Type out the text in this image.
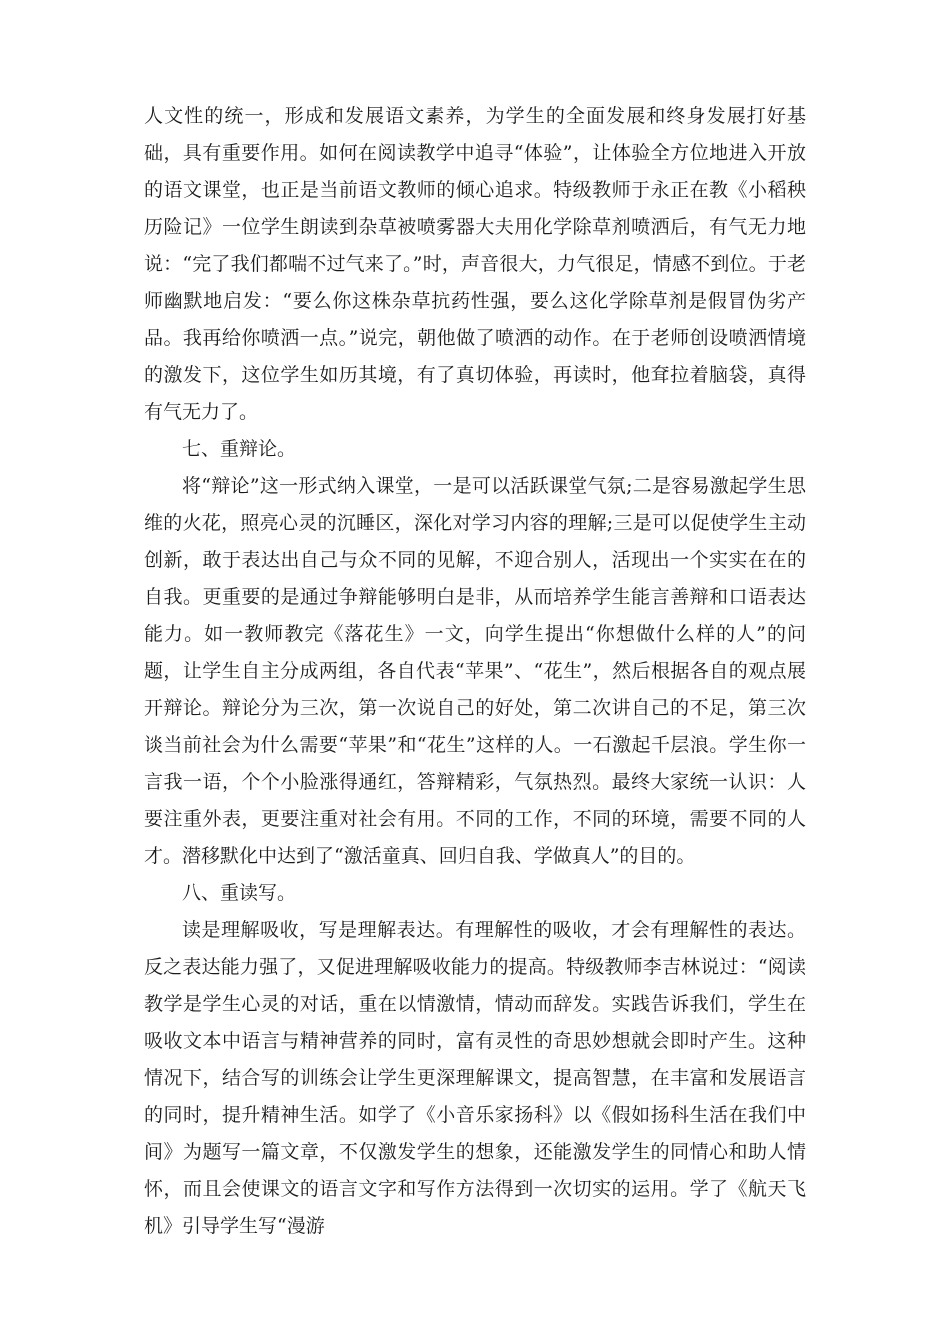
人文性的统一，形成和发展语文素养，为学生的全面发展和终身发展打好基础，具有重要作用。如何在阅读教学中追寻“体验”，让体验全方位地进入开放的语文课堂，也正是当前语文教师的倾心追求。特级教师于永正在教《小稻秧历险记》一位学生朗读到杂草被喷雾器大夫用化学除草剂喷洒后，有气无力地说：“完了我们都喘不过气来了。”时，声音很大，力气很足，情感不到位。于老师幽默地启发：“要么你这株杂草抗药性强，要么这化学除草剂是假冒伪劣产品。我再给你喷洒一点。”说完，朝他做了喷洒的动作。在于老师创设喷洒情境的激发下，这位学生如历其境，有了真切体验，再读时，他耷拉着脑袋，真得有气无力了。

七、重辩论。

将“辩论”这一形式纳入课堂，一是可以活跃课堂气氛;二是容易激起学生思维的火花，照亮心灵的沉睡区，深化对学习内容的理解;三是可以促使学生主动创新，敢于表达出自己与众不同的见解，不迎合别人，活现出一个实实在在的自我。更重要的是通过争辩能够明白是非，从而培养学生能言善辩和口语表达能力。如一教师教完《落花生》一文，向学生提出“你想做什么样的人”的问题，让学生自主分成两组，各自代表“苹果”、“花生”，然后根据各自的观点展开辩论。辩论分为三次，第一次说自己的好处，第二次讲自己的不足，第三次谈当前社会为什么需要“苹果”和“花生”这样的人。一石激起千层浪。学生你一言我一语，个个小脸涨得通红，答辩精彩，气氛热烈。最终大家统一认识：人要注重外表，更要注重对社会有用。不同的工作，不同的环境，需要不同的人才。潜移默化中达到了“激活童真、回归自我、学做真人”的目的。

八、重读写。

读是理解吸收，写是理解表达。有理解性的吸收，才会有理解性的表达。反之表达能力强了，又促进理解吸收能力的提高。特级教师李吉林说过：“阅读教学是学生心灵的对话，重在以情激情，情动而辞发。实践告诉我们，学生在吸收文本中语言与精神营养的同时，富有灵性的奇思妙想就会即时产生。这种情况下，结合写的训练会让学生更深理解课文，提高智慧，在丰富和发展语言的同时，提升精神生活。如学了《小音乐家扬科》以《假如扬科生活在我们中间》为题写一篇文章，不仅激发学生的想象，还能激发学生的同情心和助人情怀，而且会使课文的语言文字和写作方法得到一次切实的运用。学了《航天飞机》引导学生写“漫游
